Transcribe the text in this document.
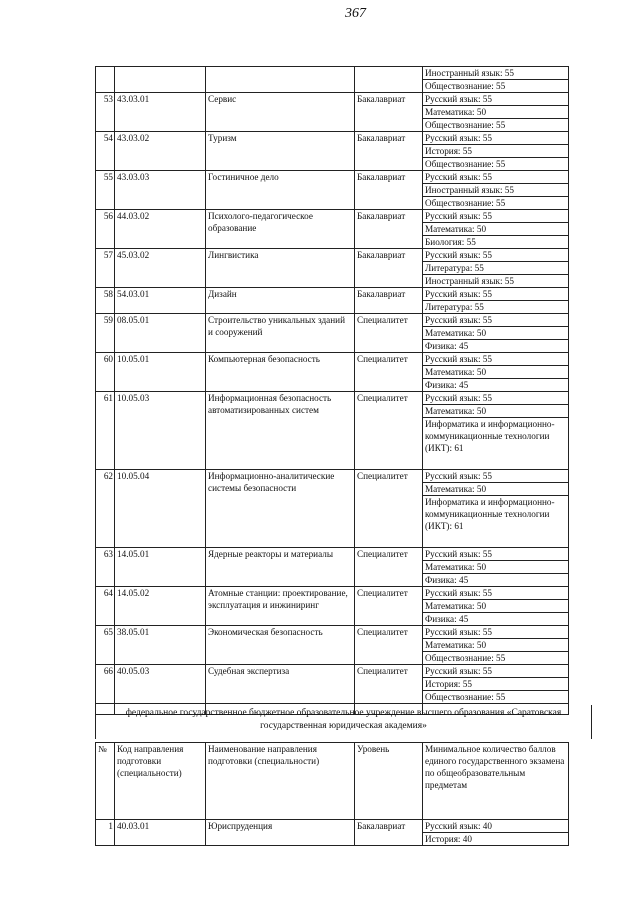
367
				Иностранный язык: 55
				Обществознание: 55
53	43.03.01	Сервис	Бакалавриат	Русский язык: 55
				Математика: 50
				Обществознание: 55
54	43.03.02	Туризм	Бакалавриат	Русский язык: 55
				История: 55
				Обществознание: 55
55	43.03.03	Гостиничное дело	Бакалавриат	Русский язык: 55
				Иностранный язык: 55
				Обществознание: 55
56	44.03.02	Психолого-педагогическое образование	Бакалавриат	Русский язык: 55
				Математика: 50
				Биология: 55
57	45.03.02	Лингвистика	Бакалавриат	Русский язык: 55
				Литература: 55
				Иностранный язык: 55
58	54.03.01	Дизайн	Бакалавриат	Русский язык: 55
				Литература: 55
59	08.05.01	Строительство уникальных зданий и сооружений	Специалитет	Русский язык: 55
				Математика: 50
				Физика: 45
60	10.05.01	Компьютерная безопасность	Специалитет	Русский язык: 55
				Математика: 50
				Физика: 45
61	10.05.03	Информационная безопасность автоматизированных систем	Специалитет	Русский язык: 55
				Математика: 50
				Информатика и информационно-коммуникационные технологии (ИКТ): 61
62	10.05.04	Информационно-аналитические системы безопасности	Специалитет	Русский язык: 55
				Математика: 50
				Информатика и информационно-коммуникационные технологии (ИКТ): 61
63	14.05.01	Ядерные реакторы и материалы	Специалитет	Русский язык: 55
				Математика: 50
				Физика: 45
64	14.05.02	Атомные станции: проектирование, эксплуатация и инжиниринг	Специалитет	Русский язык: 55
				Математика: 50
				Физика: 45
65	38.05.01	Экономическая безопасность	Специалитет	Русский язык: 55
				Математика: 50
				Обществознание: 55
66	40.05.03	Судебная экспертиза	Специалитет	Русский язык: 55
				История: 55
				Обществознание: 55

федеральное государственное бюджетное образовательное учреждение высшего образования «Саратовская государственная юридическая академия»
№	Код направления подготовки (специальности)	Наименование направления подготовки (специальности)	Уровень	Минимальное количество баллов единого государственного экзамена по общеобразовательным предметам
1	40.03.01	Юриспруденция	Бакалавриат	Русский язык: 40
				История: 40
